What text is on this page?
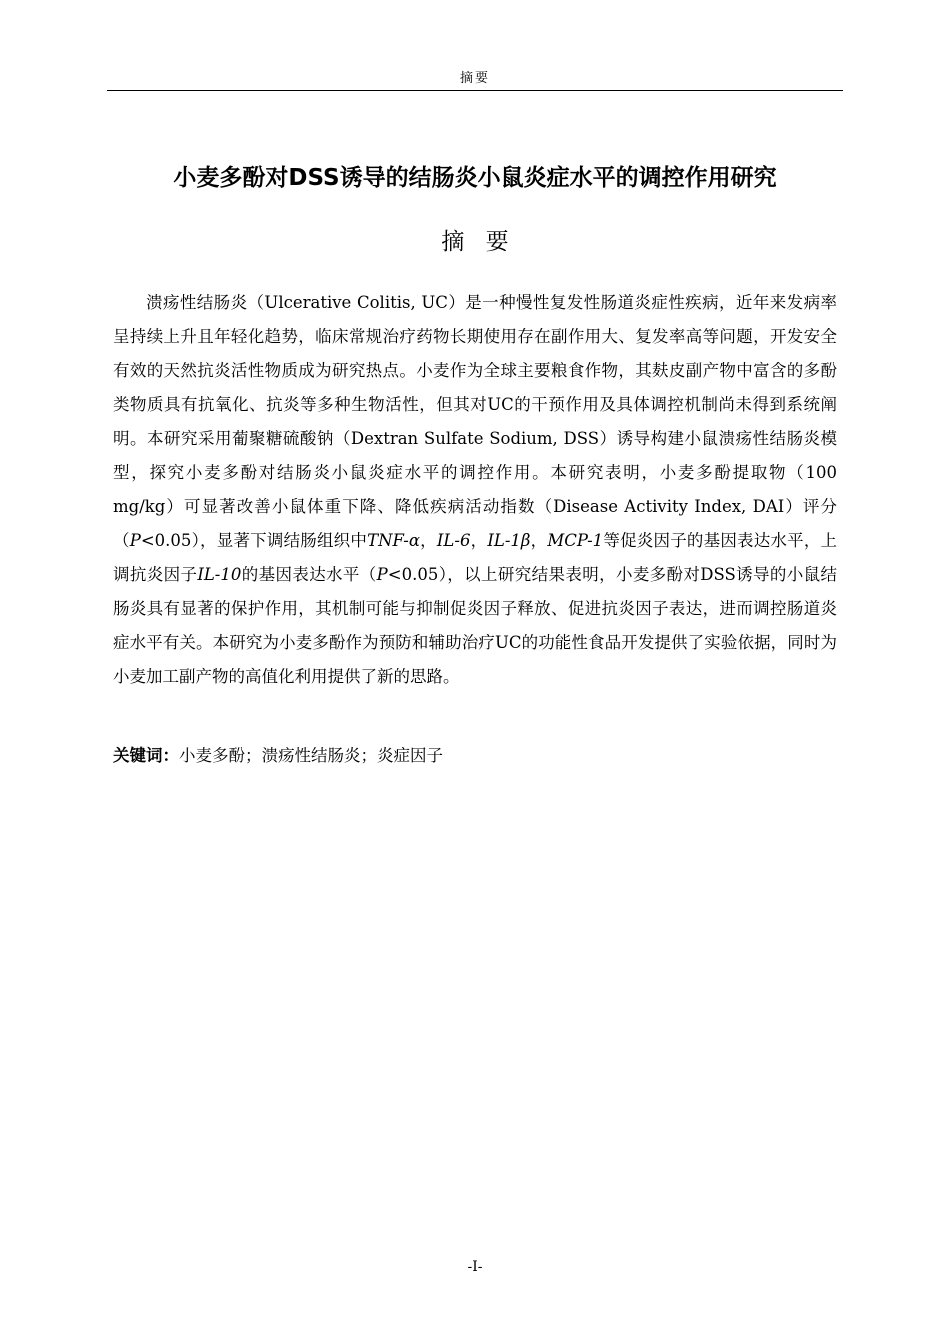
摘要
小麦多酚对DSS诱导的结肠炎小鼠炎症水平的调控作用研究
摘 要

溃疡性结肠炎（Ulcerative Colitis, UC）是一种慢性复发性肠道炎症性疾病，近年来发病率呈持续上升且年轻化趋势，临床常规治疗药物长期使用存在副作用大、复发率高等问题，开发安全有效的天然抗炎活性物质成为研究热点。小麦作为全球主要粮食作物，其麸皮副产物中富含的多酚类物质具有抗氧化、抗炎等多种生物活性，但其对UC的干预作用及具体调控机制尚未得到系统阐明。本研究采用葡聚糖硫酸钠（Dextran Sulfate Sodium, DSS）诱导构建小鼠溃疡性结肠炎模型，探究小麦多酚对结肠炎小鼠炎症水平的调控作用。本研究表明，小麦多酚提取物（100 mg/kg）可显著改善小鼠体重下降、降低疾病活动指数（Disease Activity Index, DAI）评分（P<0.05），显著下调结肠组织中TNF-α，IL-6，IL-1β，MCP-1等促炎因子的基因表达水平，上调抗炎因子IL-10的基因表达水平（P<0.05），以上研究结果表明，小麦多酚对DSS诱导的小鼠结肠炎具有显著的保护作用，其机制可能与抑制促炎因子释放、促进抗炎因子表达，进而调控肠道炎症水平有关。本研究为小麦多酚作为预防和辅助治疗UC的功能性食品开发提供了实验依据，同时为小麦加工副产物的高值化利用提供了新的思路。

关键词：小麦多酚；溃疡性结肠炎；炎症因子
-I-
